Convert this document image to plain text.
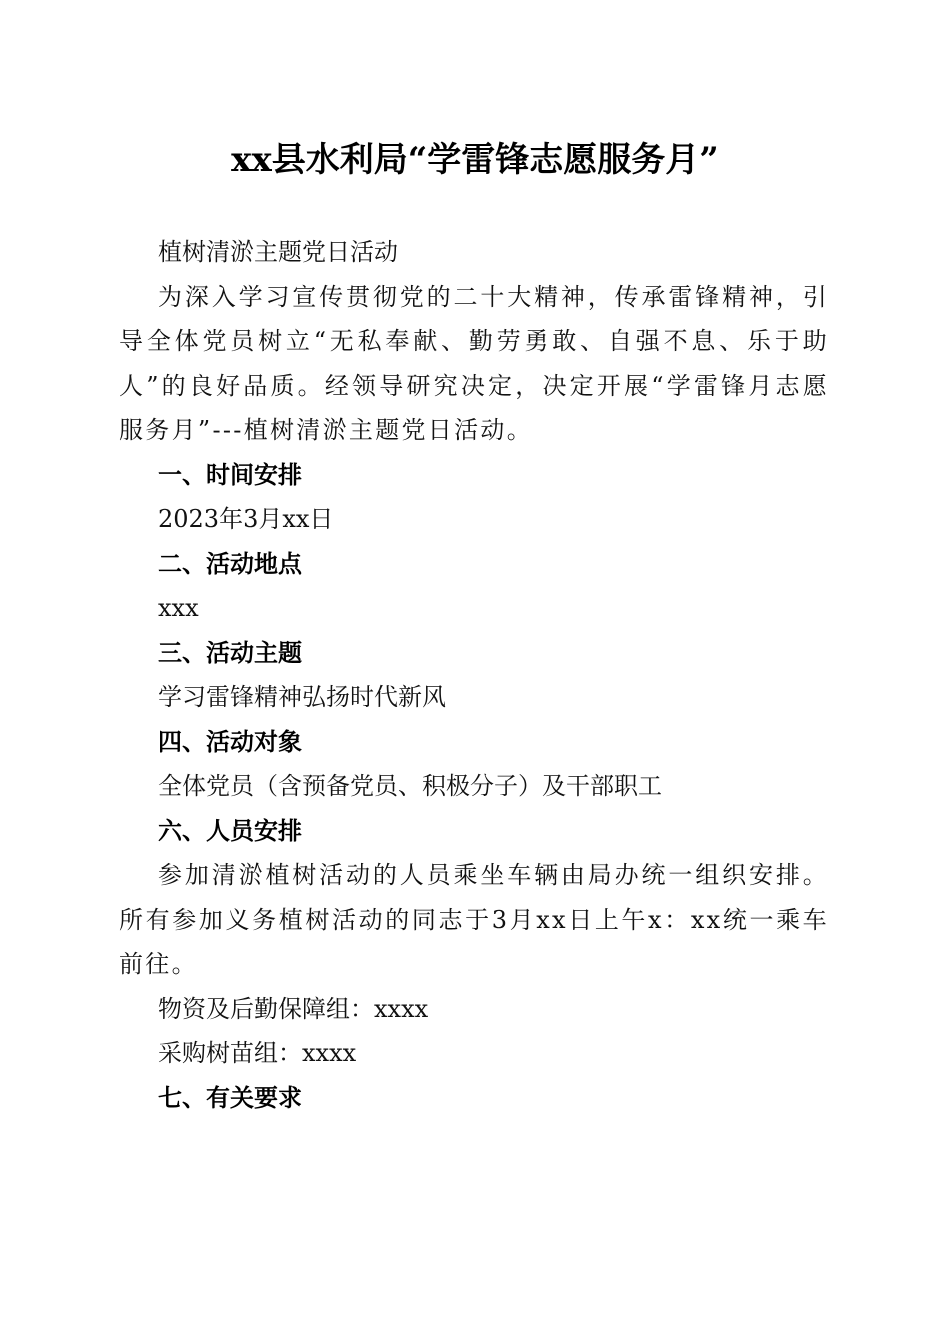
xx县水利局“学雷锋志愿服务月”

植树清淤主题党日活动

为深入学习宣传贯彻党的二十大精神，传承雷锋精神，引导全体党员树立“无私奉献、勤劳勇敢、自强不息、乐于助人”的良好品质。经领导研究决定，决定开展“学雷锋月志愿服务月”---植树清淤主题党日活动。

一、时间安排

2023年3月xx日

二、活动地点

xxx

三、活动主题

学习雷锋精神弘扬时代新风

四、活动对象

全体党员（含预备党员、积极分子）及干部职工

六、人员安排

参加清淤植树活动的人员乘坐车辆由局办统一组织安排。所有参加义务植树活动的同志于3月xx日上午x：xx统一乘车前往。

物资及后勤保障组：xxxx

采购树苗组：xxxx

七、有关要求
